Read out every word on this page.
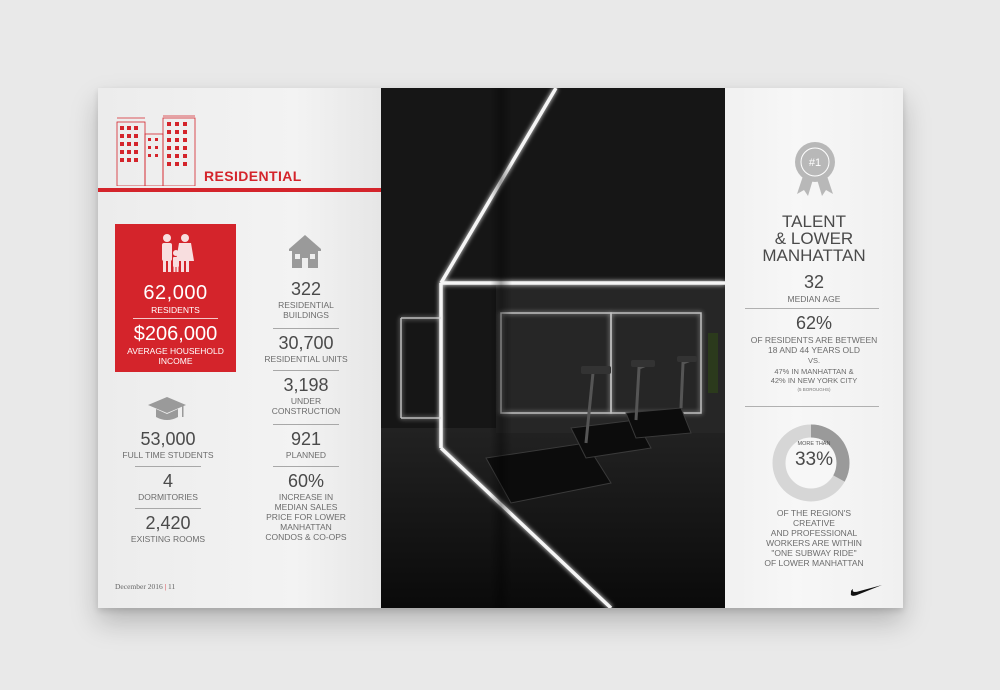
RESIDENTIAL
62,000
RESIDENTS
$206,000
AVERAGE HOUSEHOLD INCOME
53,000
FULL TIME STUDENTS
4
DORMITORIES
2,420
EXISTING ROOMS
322
RESIDENTIAL BUILDINGS
30,700
RESIDENTIAL UNITS
3,198
UNDER CONSTRUCTION
921
PLANNED
60%
INCREASE IN MEDIAN SALES PRICE FOR LOWER MANHATTAN CONDOS & CO-OPS
December 2016 | 11
#1
TALENT
& LOWER
MANHATTAN
32
MEDIAN AGE
62%
OF RESIDENTS ARE BETWEEN 18 AND 44 YEARS OLD
VS.
47% IN MANHATTAN &
42% IN NEW YORK CITY
(5 BOROUGHS)
MORE THAN
33%
OF THE REGION'S
CREATIVE
AND PROFESSIONAL
WORKERS ARE WITHIN
"ONE SUBWAY RIDE"
OF LOWER MANHATTAN
